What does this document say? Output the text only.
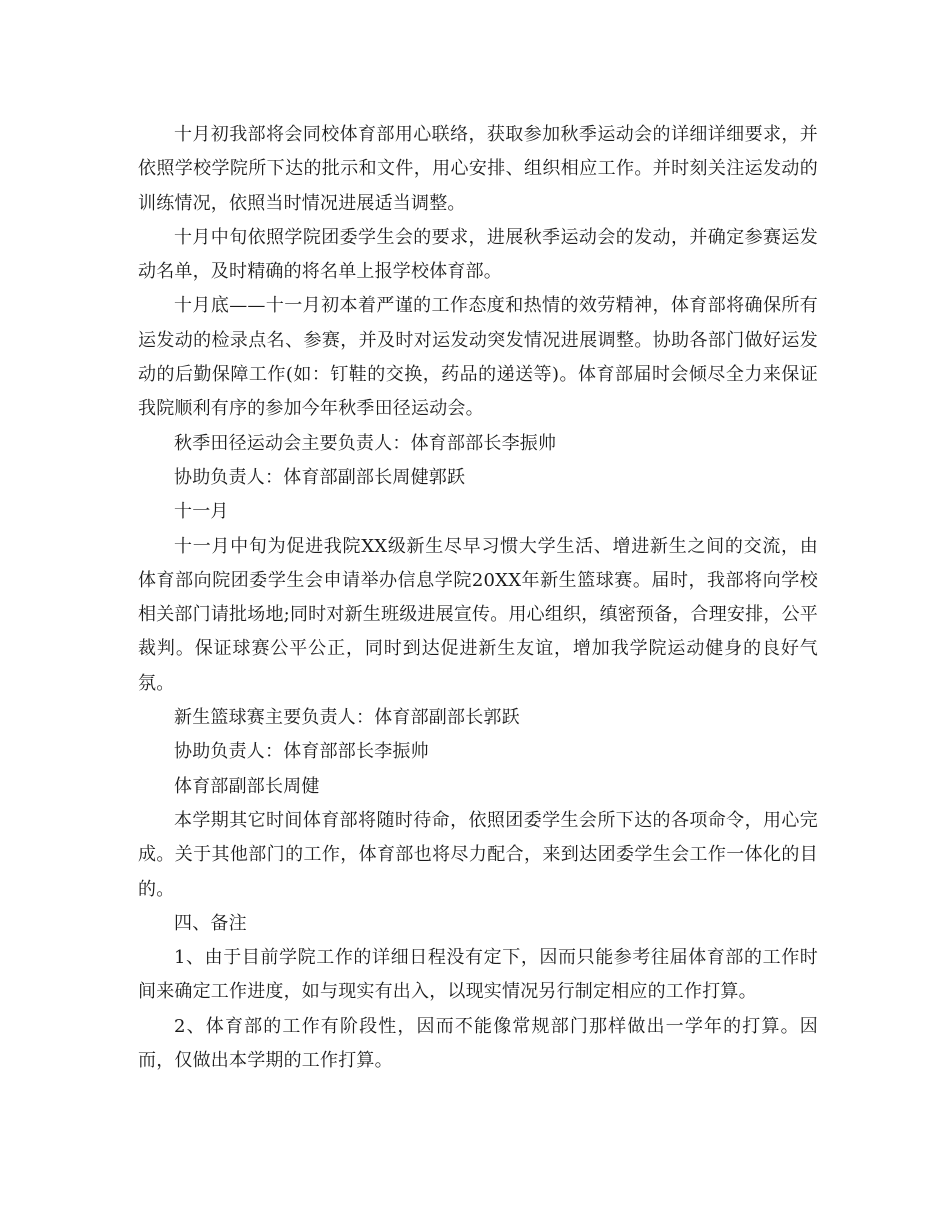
十月初我部将会同校体育部用心联络，获取参加秋季运动会的详细详细要求，并依照学校学院所下达的批示和文件，用心安排、组织相应工作。并时刻关注运发动的训练情况，依照当时情况进展适当调整。

十月中旬依照学院团委学生会的要求，进展秋季运动会的发动，并确定参赛运发动名单，及时精确的将名单上报学校体育部。

十月底——十一月初本着严谨的工作态度和热情的效劳精神，体育部将确保所有运发动的检录点名、参赛，并及时对运发动突发情况进展调整。协助各部门做好运发动的后勤保障工作(如：钉鞋的交换，药品的递送等)。体育部届时会倾尽全力来保证我院顺利有序的参加今年秋季田径运动会。

秋季田径运动会主要负责人：体育部部长李振帅

协助负责人：体育部副部长周健郭跃

十一月

十一月中旬为促进我院XX级新生尽早习惯大学生活、增进新生之间的交流，由体育部向院团委学生会申请举办信息学院20XX年新生篮球赛。届时，我部将向学校相关部门请批场地;同时对新生班级进展宣传。用心组织，缜密预备，合理安排，公平裁判。保证球赛公平公正，同时到达促进新生友谊，增加我学院运动健身的良好气氛。

新生篮球赛主要负责人：体育部副部长郭跃

协助负责人：体育部部长李振帅

体育部副部长周健

本学期其它时间体育部将随时待命，依照团委学生会所下达的各项命令，用心完成。关于其他部门的工作，体育部也将尽力配合，来到达团委学生会工作一体化的目的。

四、备注

1、由于目前学院工作的详细日程没有定下，因而只能参考往届体育部的工作时间来确定工作进度，如与现实有出入，以现实情况另行制定相应的工作打算。

2、体育部的工作有阶段性，因而不能像常规部门那样做出一学年的打算。因而，仅做出本学期的工作打算。
